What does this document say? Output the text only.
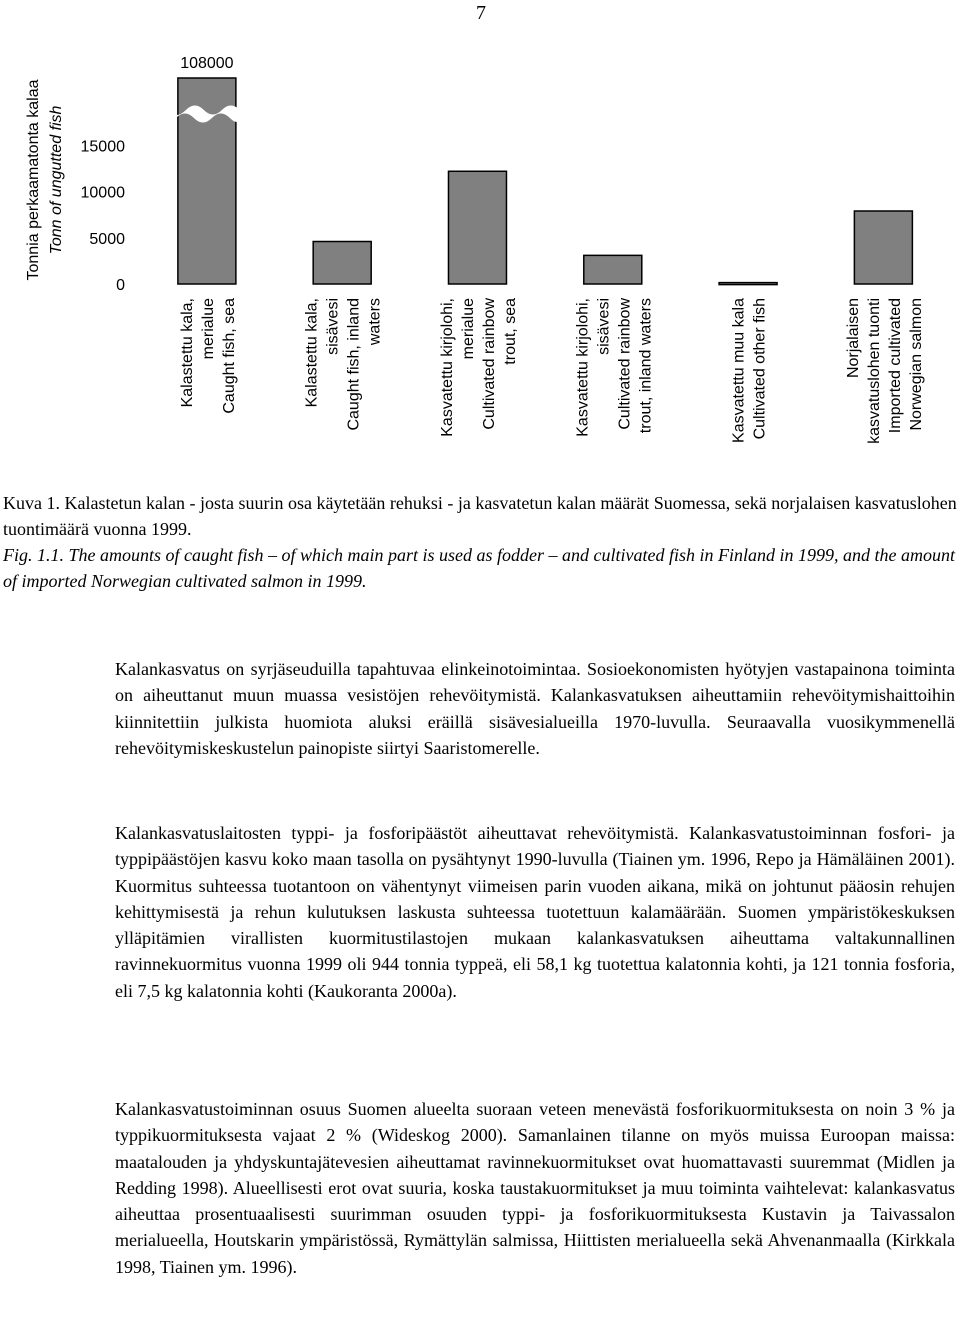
7
0
5000
10000
15000
Tonnia perkaamatonta kalaa Tonn of ungutted fish
108000
Kalastettu kala, merialue Caught fish, sea	Kalastettu kala, sisävesi Caught fish, inland waters	Kasvatettu kirjolohi, merialue Cultivated rainbow trout, sea	Kasvatettu kirjolohi, sisävesi Cultivated rainbow trout, inland waters	Kasvatettu muu kala Cultivated other fish	Norjalaisen kasvatuslohen tuonti Imported cultivated Norwegian salmon

Kuva 1. Kalastetun kalan - josta suurin osa käytetään rehuksi - ja kasvatetun kalan määrät Suomessa, sekä norjalaisen kasvatuslohen tuontimäärä vuonna 1999.

Fig. 1.1. The amounts of caught fish – of which main part is used as fodder – and cultivated fish in Finland in 1999, and the amount of imported Norwegian cultivated salmon in 1999.

Kalankasvatus on syrjäseuduilla tapahtuvaa elinkeinotoimintaa. Sosioekonomisten hyötyjen vastapainona toiminta on aiheuttanut muun muassa vesistöjen rehevöitymistä. Kalankasvatuksen aiheuttamiin rehevöitymishaittoihin kiinnitettiin julkista huomiota aluksi eräillä sisävesialueilla 1970-luvulla. Seuraavalla vuosikymmenellä rehevöitymiskeskustelun painopiste siirtyi Saaristomerelle.

Kalankasvatuslaitosten typpi- ja fosforipäästöt aiheuttavat rehevöitymistä. Kalankasvatustoiminnan fosfori- ja typpipäästöjen kasvu koko maan tasolla on pysähtynyt 1990-luvulla (Tiainen ym. 1996, Repo ja Hämäläinen 2001). Kuormitus suhteessa tuotantoon on vähentynyt viimeisen parin vuoden aikana, mikä on johtunut pääosin rehujen kehittymisestä ja rehun kulutuksen laskusta suhteessa tuotettuun kalamäärään. Suomen ympäristökeskuksen ylläpitämien virallisten kuormitustilastojen mukaan kalankasvatuksen aiheuttama valtakunnallinen ravinnekuormitus vuonna 1999 oli 944 tonnia typpeä, eli 58,1 kg tuotettua kalatonnia kohti, ja 121 tonnia fosforia, eli 7,5 kg kalatonnia kohti (Kaukoranta 2000a).

Kalankasvatustoiminnan osuus Suomen alueelta suoraan veteen menevästä fosforikuormituksesta on noin 3 % ja typpikuormituksesta vajaat 2 % (Wideskog 2000). Samanlainen tilanne on myös muissa Euroopan maissa: maatalouden ja yhdyskuntajätevesien aiheuttamat ravinnekuormitukset ovat huomattavasti suuremmat (Midlen ja Redding 1998). Alueellisesti erot ovat suuria, koska taustakuormitukset ja muu toiminta vaihtelevat: kalankasvatus aiheuttaa prosentuaalisesti suurimman osuuden typpi- ja fosforikuormituksesta Kustavin ja Taivassalon merialueella, Houtskarin ympäristössä, Rymättylän salmissa, Hiittisten merialueella sekä Ahvenanmaalla (Kirkkala 1998, Tiainen ym. 1996).
